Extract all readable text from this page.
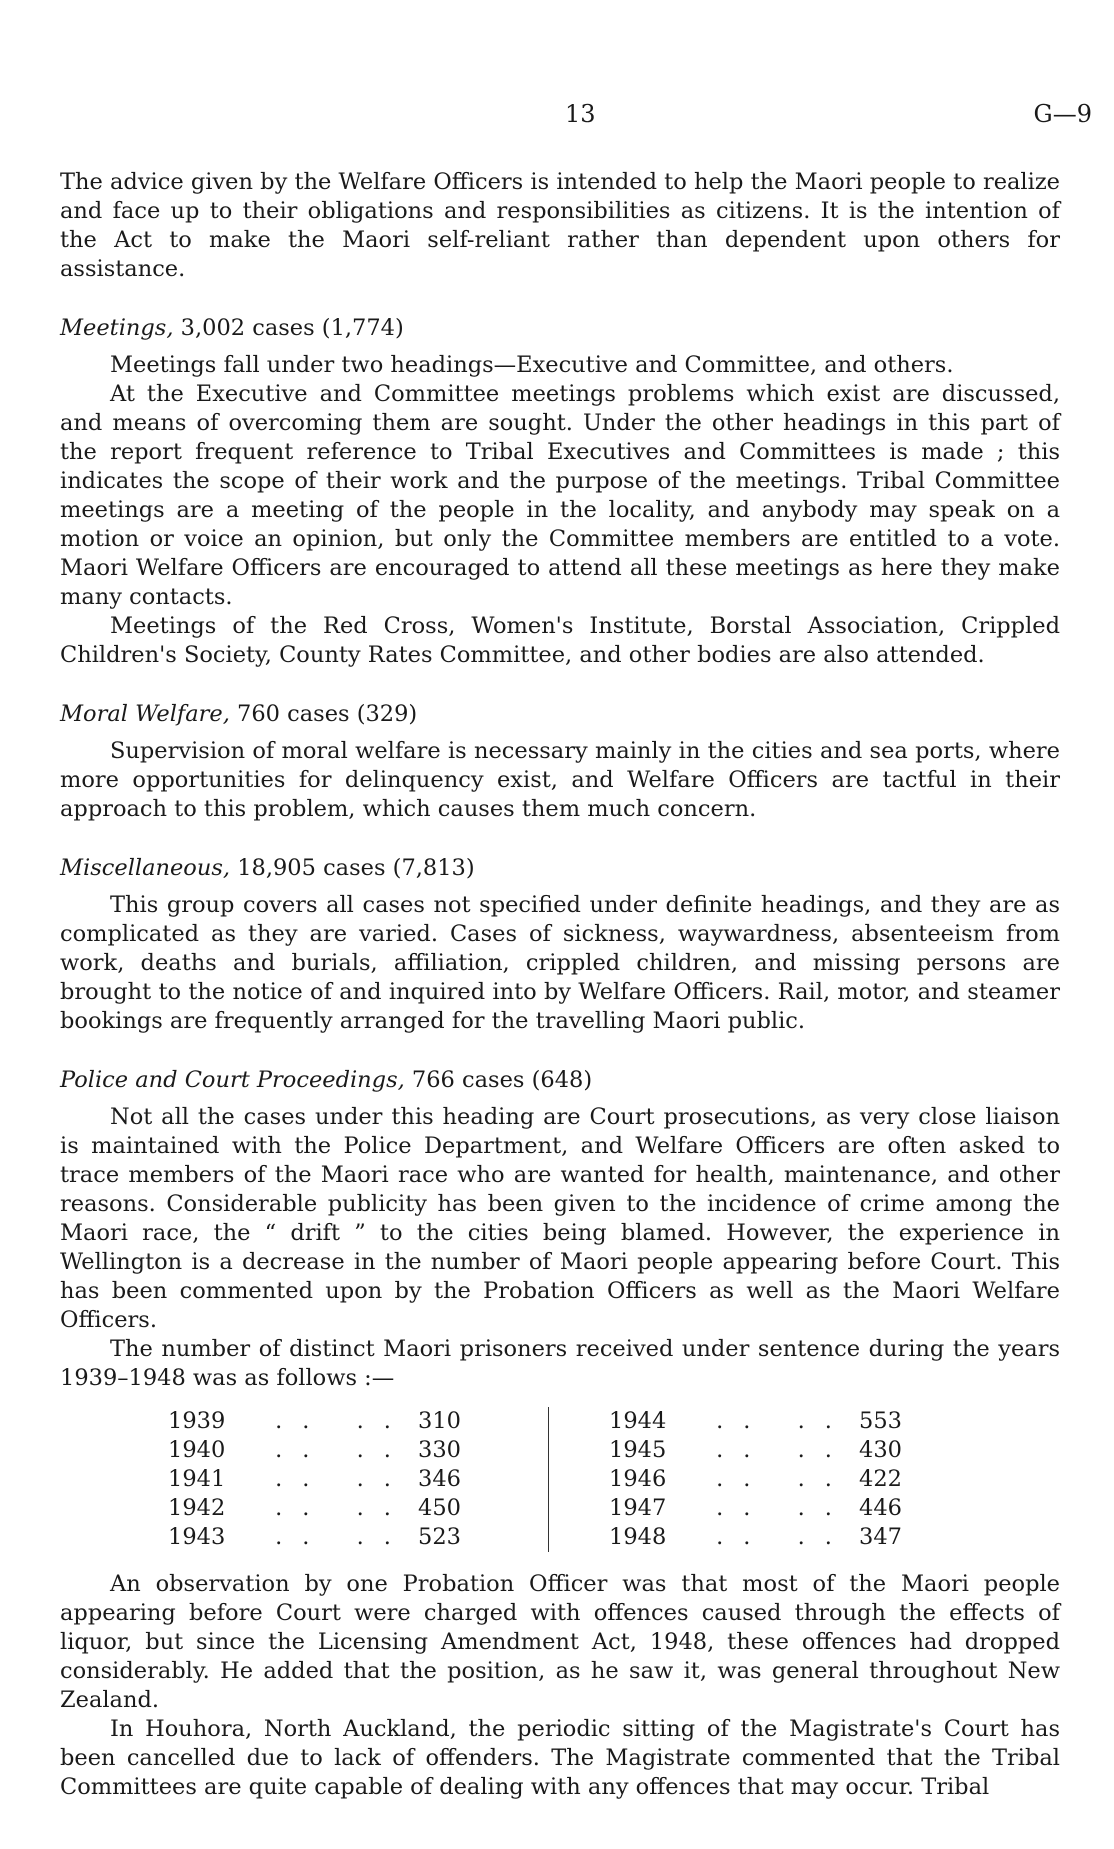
13	G—9

The advice given by the Welfare Officers is intended to help the Maori people to realize and face up to their obligations and responsibilities as citizens. It is the intention of the Act to make the Maori self-reliant rather than dependent upon others for assistance.

Meetings, 3,002 cases (1,774)

Meetings fall under two headings—Executive and Committee, and others.

At the Executive and Committee meetings problems which exist are discussed, and means of overcoming them are sought. Under the other headings in this part of the report frequent reference to Tribal Executives and Committees is made ; this indicates the scope of their work and the purpose of the meetings. Tribal Committee meetings are a meeting of the people in the locality, and anybody may speak on a motion or voice an opinion, but only the Committee members are entitled to a vote. Maori Welfare Officers are encouraged to attend all these meetings as here they make many contacts.

Meetings of the Red Cross, Women's Institute, Borstal Association, Crippled Children's Society, County Rates Committee, and other bodies are also attended.

Moral Welfare, 760 cases (329)

Supervision of moral welfare is necessary mainly in the cities and sea ports, where more opportunities for delinquency exist, and Welfare Officers are tactful in their approach to this problem, which causes them much concern.

Miscellaneous, 18,905 cases (7,813)

This group covers all cases not specified under definite headings, and they are as complicated as they are varied. Cases of sickness, waywardness, absenteeism from work, deaths and burials, affiliation, crippled children, and missing persons are brought to the notice of and inquired into by Welfare Officers. Rail, motor, and steamer bookings are frequently arranged for the travelling Maori public.

Police and Court Proceedings, 766 cases (648)

Not all the cases under this heading are Court prosecutions, as very close liaison is maintained with the Police Department, and Welfare Officers are often asked to trace members of the Maori race who are wanted for health, maintenance, and other reasons. Considerable publicity has been given to the incidence of crime among the Maori race, the “ drift ” to the cities being blamed. However, the experience in Wellington is a decrease in the number of Maori people appearing before Court. This has been commented upon by the Probation Officers as well as the Maori Welfare Officers.

The number of distinct Maori prisoners received under sentence during the years 1939–1948 was as follows :—

1939	.. ..	310			1944	.. ..	553
1940	.. ..	330			1945	.. ..	430
1941	.. ..	346			1946	.. ..	422
1942	.. ..	450			1947	.. ..	446
1943	.. ..	523			1948	.. ..	347

An observation by one Probation Officer was that most of the Maori people appearing before Court were charged with offences caused through the effects of liquor, but since the Licensing Amendment Act, 1948, these offences had dropped considerably. He added that the position, as he saw it, was general throughout New Zealand.

In Houhora, North Auckland, the periodic sitting of the Magistrate's Court has been cancelled due to lack of offenders. The Magistrate commented that the Tribal Committees are quite capable of dealing with any offences that may occur. Tribal
